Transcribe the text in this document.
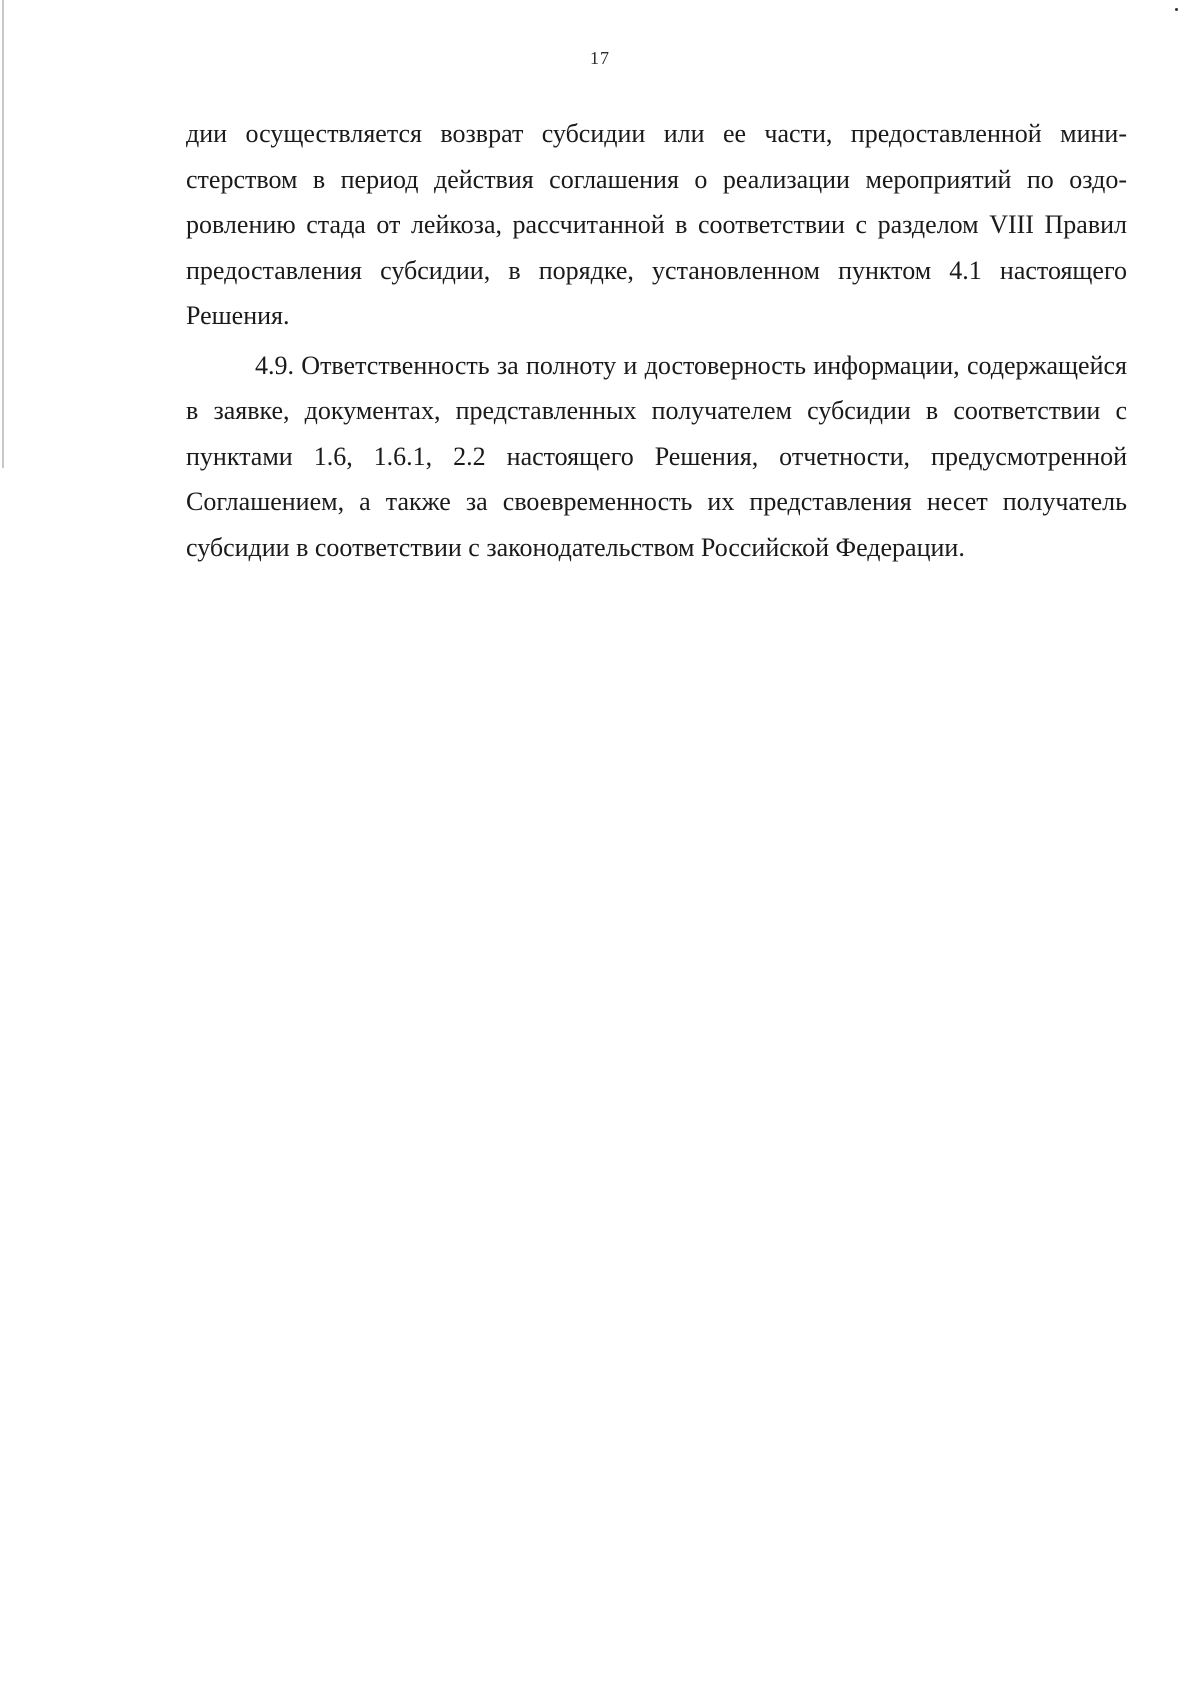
17

дии осуществляется возврат субсидии или ее части, предоставленной министерством в период действия соглашения о реализации мероприятий по оздоровлению стада от лейкоза, рассчитанной в соответствии с разделом VIII Правил предоставления субсидии, в порядке, установленном пунктом 4.1 настоящего Решения.

4.9. Ответственность за полноту и достоверность информации, содержащейся в заявке, документах, представленных получателем субсидии в соответствии с пунктами 1.6, 1.6.1, 2.2 настоящего Решения, отчетности, предусмотренной Соглашением, а также за своевременность их представления несет получатель субсидии в соответствии с законодательством Российской Федерации.
